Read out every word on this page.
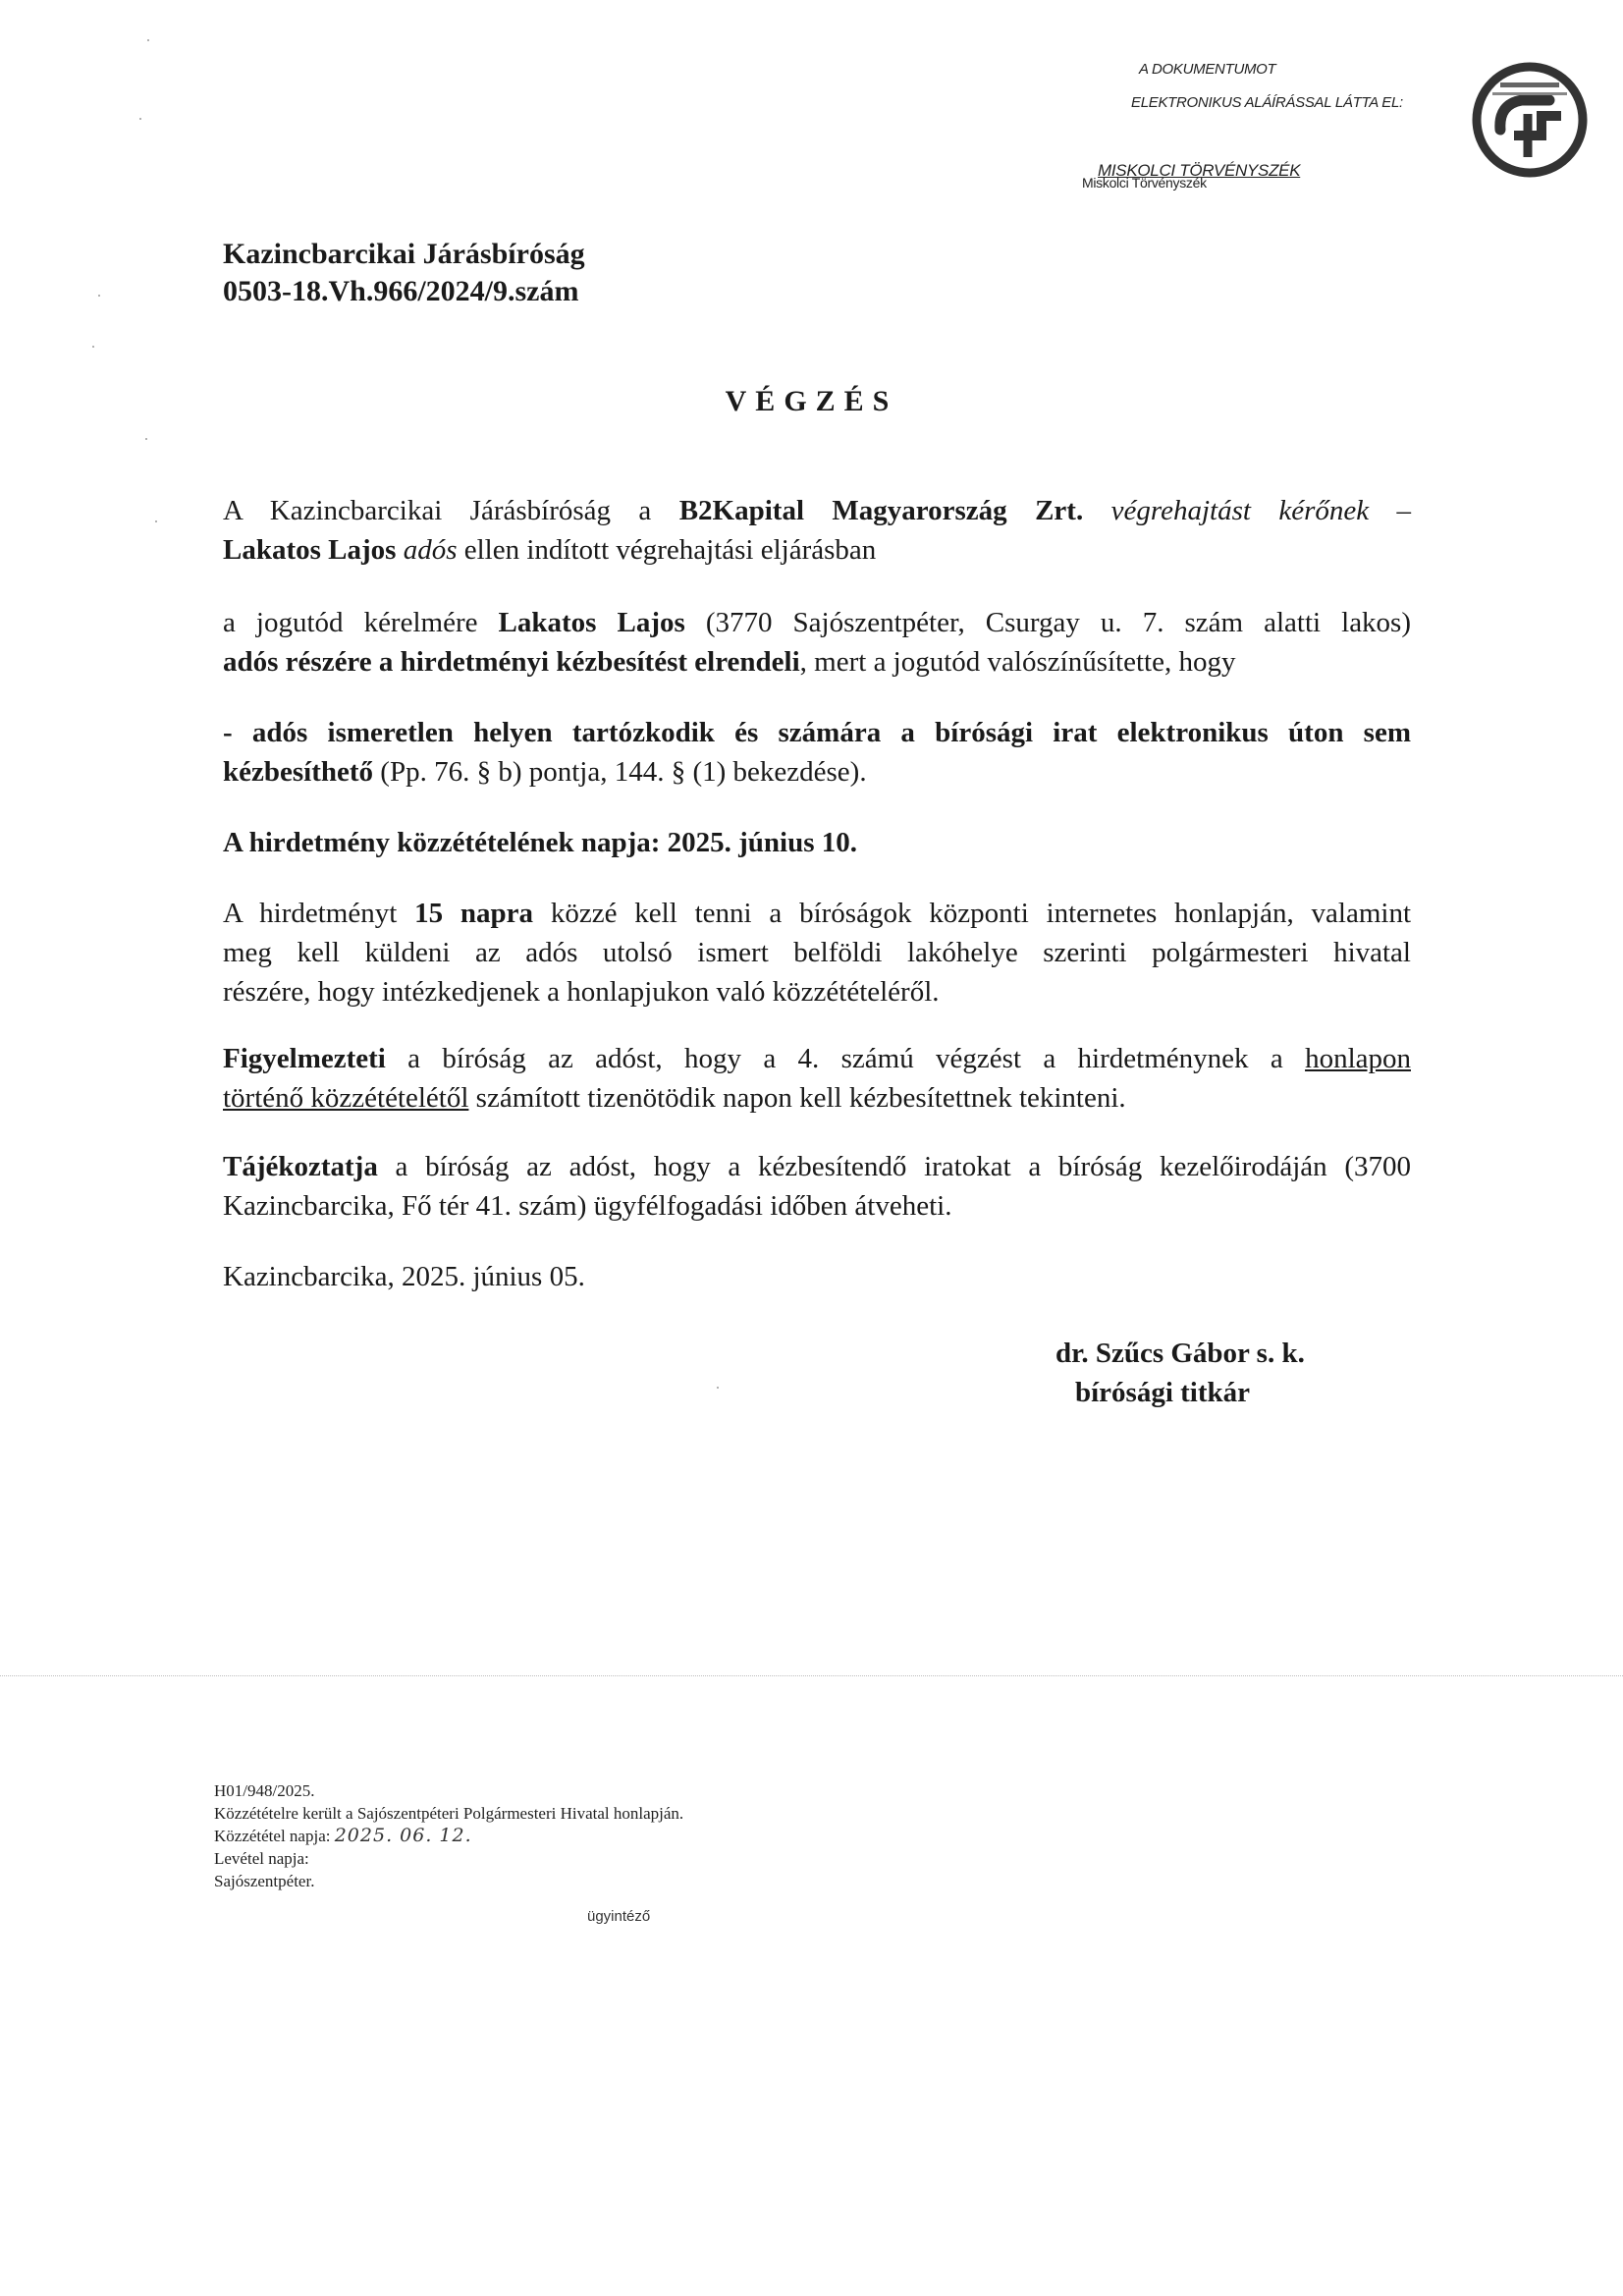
A DOKUMENTUMOT
ELEKTRONIKUS ALÁÍRÁSSAL LÁTTA EL:
MISKOLCI TÖRVÉNYSZÉK
Miskolci Törvényszék
Kazincbarcikai Járásbíróság
0503-18.Vh.966/2024/9.szám
VÉGZÉS
A Kazincbarcikai Járásbíróság a B2Kapital Magyarország Zrt. végrehajtást kérőnek –
Lakatos Lajos adós ellen indított végrehajtási eljárásban
a jogutód kérelmére Lakatos Lajos (3770 Sajószentpéter, Csurgay u. 7. szám alatti lakos)
adós részére a hirdetményi kézbesítést elrendeli, mert a jogutód valószínűsítette, hogy
- adós ismeretlen helyen tartózkodik és számára a bírósági irat elektronikus úton sem
kézbesíthető (Pp. 76. § b) pontja, 144. § (1) bekezdése).
A hirdetmény közzétételének napja: 2025. június 10.
A hirdetményt 15 napra közzé kell tenni a bíróságok központi internetes honlapján, valamint
meg kell küldeni az adós utolsó ismert belföldi lakóhelye szerinti polgármesteri hivatal
részére, hogy intézkedjenek a honlapjukon való közzétételéről.
Figyelmezteti a bíróság az adóst, hogy a 4. számú végzést a hirdetménynek a honlapon
történő közzétételétől számított tizenötödik napon kell kézbesítettnek tekinteni.
Tájékoztatja a bíróság az adóst, hogy a kézbesítendő iratokat a bíróság kezelőirodáján (3700
Kazincbarcika, Fő tér 41. szám) ügyfélfogadási időben átveheti.
Kazincbarcika, 2025. június 05.
dr. Szűcs Gábor s. k.
bírósági titkár
H01/948/2025.
Közzétételre került a Sajószentpéteri Polgármesteri Hivatal honlapján.
Közzététel napja: 2025. 06. 12.
Levétel napja:
Sajószentpéter.
ügyintéző
